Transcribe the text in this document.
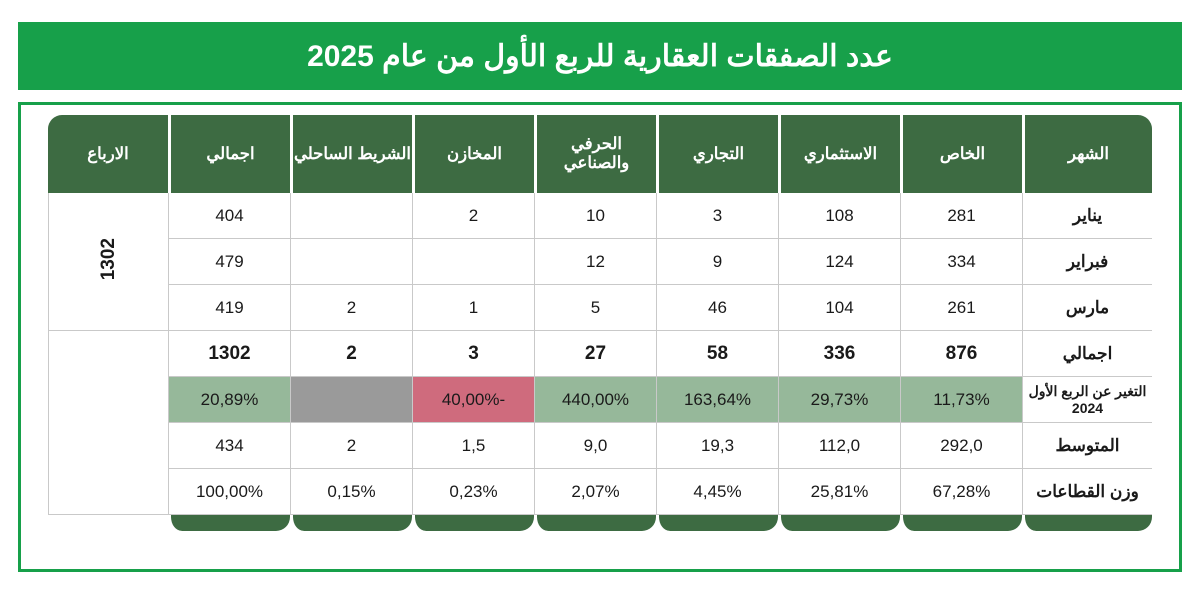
عدد الصفقات العقارية للربع الأول من عام 2025
الشهر	الخاص	الاستثماري	التجاري	الحرفي والصناعي	المخازن	الشريط الساحلي	اجمالي	الارباع
يناير	281	108	3	10	2		404	1302
فبراير	334	124	9	12			479	
مارس	261	104	46	5	1	2	419	
اجمالي	876	336	58	27	3	2	1302	
التغير عن الربع الأول 2024	11,73%	29,73%	163,64%	440,00%	-40,00%		20,89%	
المتوسط	292,0	112,0	19,3	9,0	1,5	2	434	
وزن القطاعات	67,28%	25,81%	4,45%	2,07%	0,23%	0,15%	100,00%	
